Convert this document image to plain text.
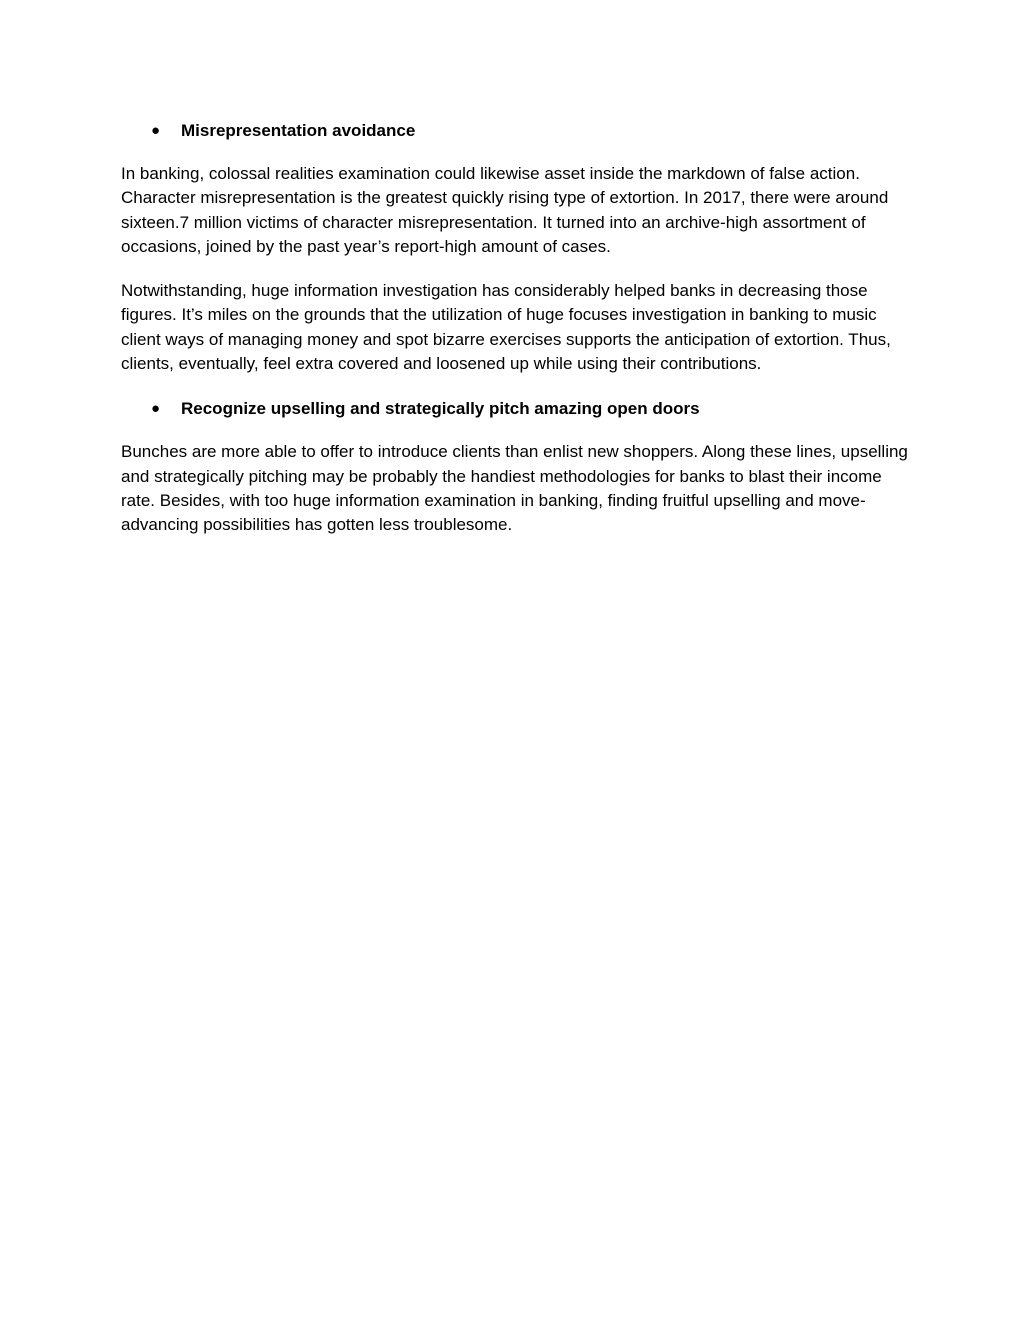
● Misrepresentation avoidance

In banking, colossal realities examination could likewise asset inside the markdown of false action. Character misrepresentation is the greatest quickly rising type of extortion. In 2017, there were around sixteen.7 million victims of character misrepresentation. It turned into an archive-high assortment of occasions, joined by the past year’s report-high amount of cases.

Notwithstanding, huge information investigation has considerably helped banks in decreasing those figures. It’s miles on the grounds that the utilization of huge focuses investigation in banking to music client ways of managing money and spot bizarre exercises supports the anticipation of extortion. Thus, clients, eventually, feel extra covered and loosened up while using their contributions.

● Recognize upselling and strategically pitch amazing open doors

Bunches are more able to offer to introduce clients than enlist new shoppers. Along these lines, upselling and strategically pitching may be probably the handiest methodologies for banks to blast their income rate. Besides, with too huge information examination in banking, finding fruitful upselling and move-advancing possibilities has gotten less troublesome.
